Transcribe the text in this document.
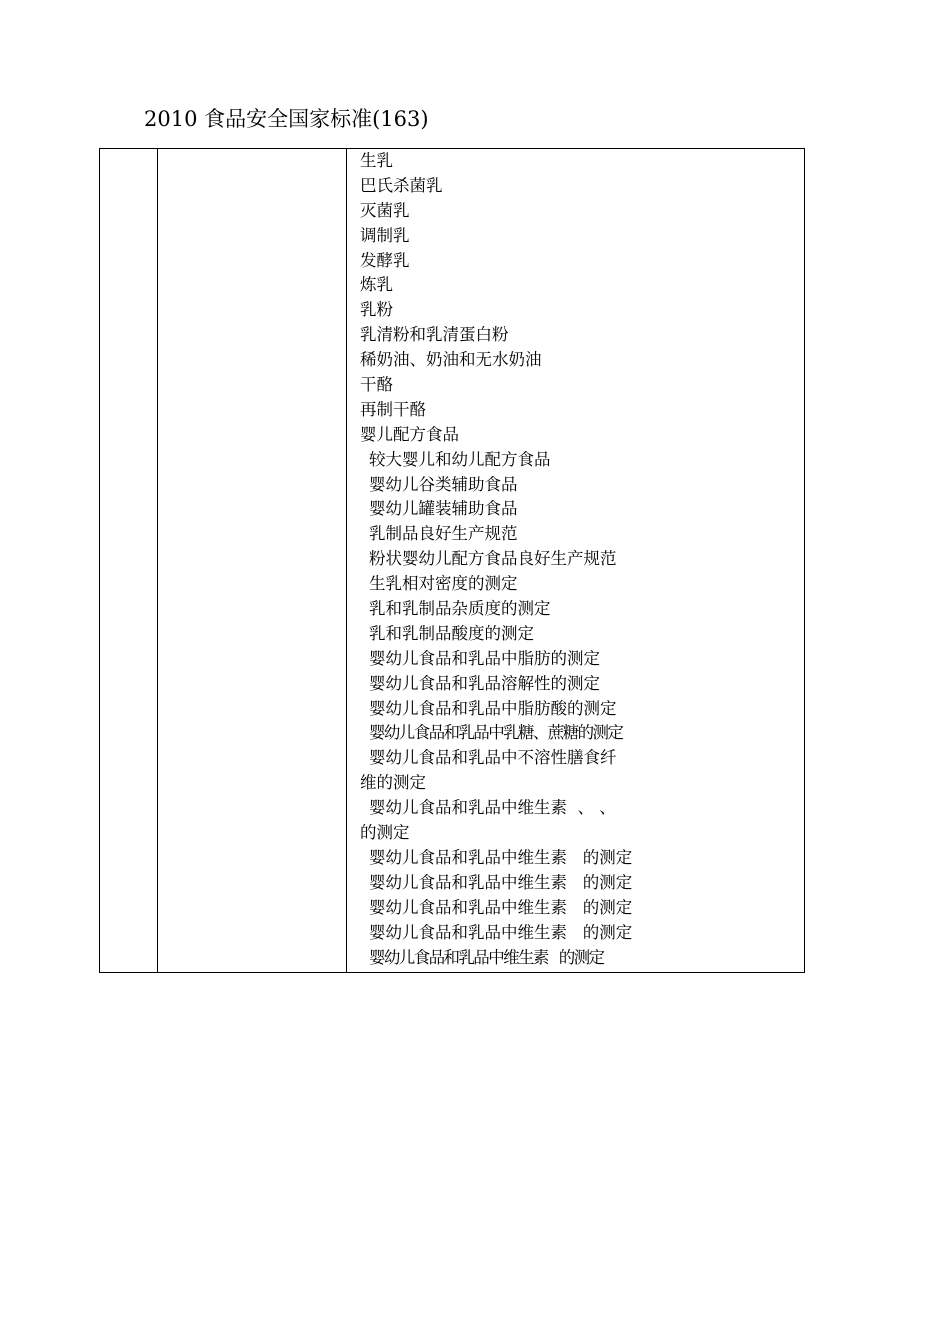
2010 食品安全国家标准(163)
生乳
巴氏杀菌乳
灭菌乳
调制乳
发酵乳
炼乳
乳粉
乳清粉和乳清蛋白粉
稀奶油、奶油和无水奶油
干酪
再制干酪
婴儿配方食品
较大婴儿和幼儿配方食品
婴幼儿谷类辅助食品
婴幼儿罐装辅助食品
乳制品良好生产规范
粉状婴幼儿配方食品良好生产规范
生乳相对密度的测定
乳和乳制品杂质度的测定
乳和乳制品酸度的测定
婴幼儿食品和乳品中脂肪的测定
婴幼儿食品和乳品溶解性的测定
婴幼儿食品和乳品中脂肪酸的测定
婴幼儿食品和乳品中乳糖、蔗糖的测定
婴幼儿食品和乳品中不溶性膳食纤
维的测定
婴幼儿食品和乳品中维生素  、 、
的测定
婴幼儿食品和乳品中维生素   的测定
婴幼儿食品和乳品中维生素   的测定
婴幼儿食品和乳品中维生素   的测定
婴幼儿食品和乳品中维生素   的测定
婴幼儿食品和乳品中维生素   的测定
